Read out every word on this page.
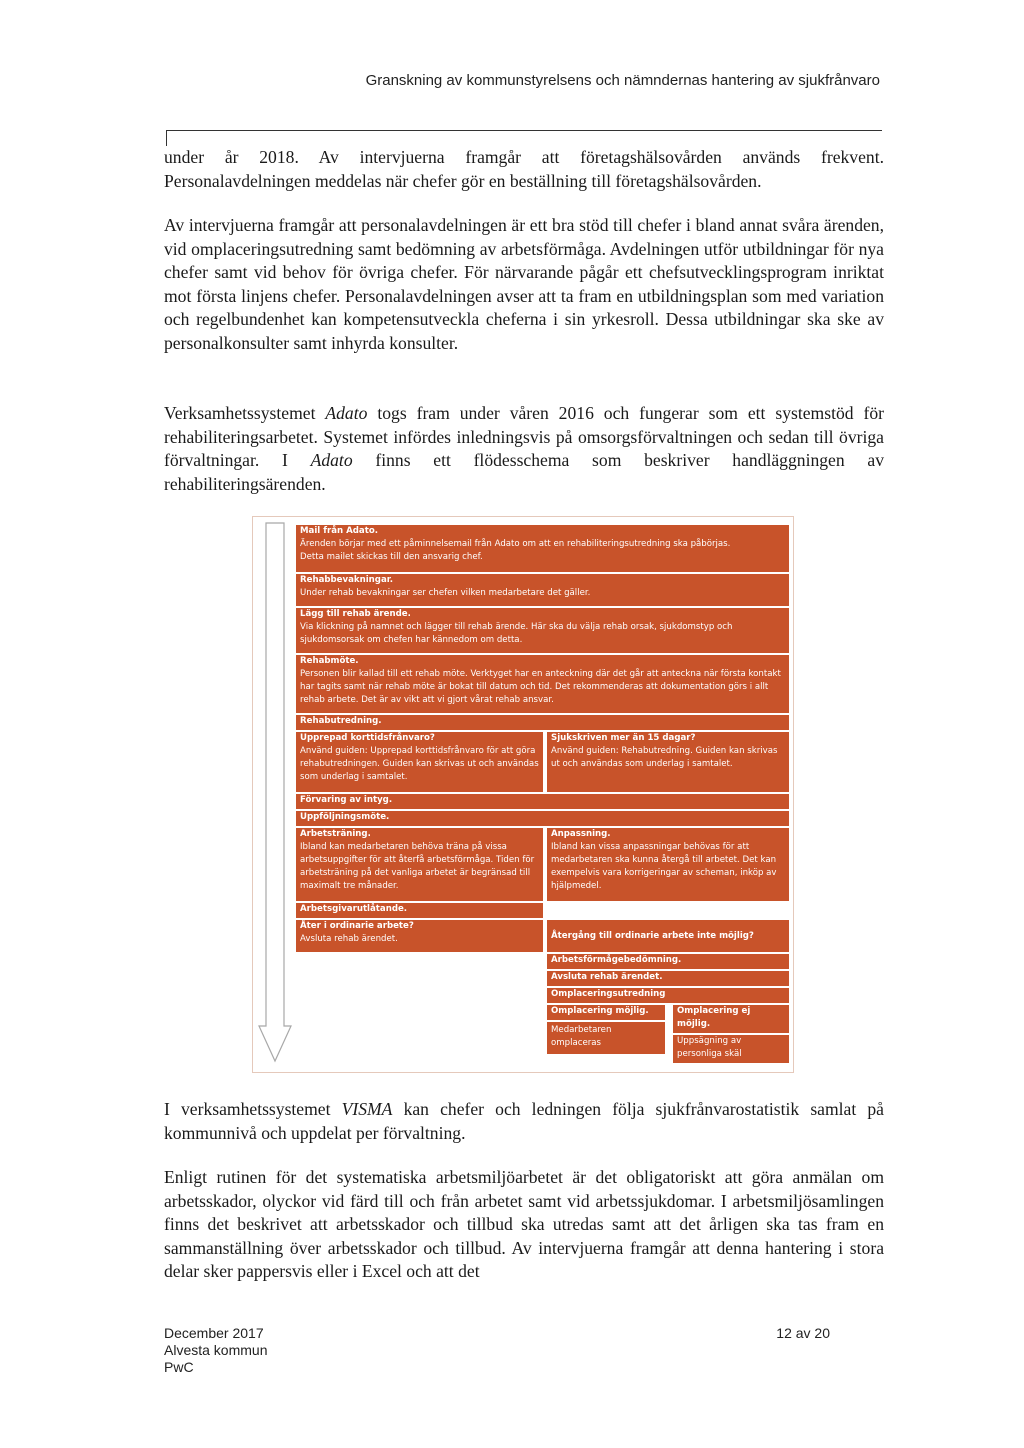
Granskning av kommunstyrelsens och nämndernas hantering av sjukfrånvaro
under år 2018. Av intervjuerna framgår att företagshälsovården används frekvent. Personalavdelningen meddelas när chefer gör en beställning till företagshälsovården.
Av intervjuerna framgår att personalavdelningen är ett bra stöd till chefer i bland annat svåra ärenden, vid omplaceringsutredning samt bedömning av arbetsförmåga. Avdelningen utför utbildningar för nya chefer samt vid behov för övriga chefer. För närvarande pågår ett chefsutvecklingsprogram inriktat mot första linjens chefer. Personalavdelningen avser att ta fram en utbildningsplan som med variation och regelbundenhet kan kompetensutveckla cheferna i sin yrkesroll. Dessa utbildningar ska ske av personalkonsulter samt inhyrda konsulter.
Verksamhetssystemet Adato togs fram under våren 2016 och fungerar som ett systemstöd för rehabiliteringsarbetet. Systemet infördes inledningsvis på omsorgsförvaltningen och sedan till övriga förvaltningar. I Adato finns ett flödesschema som beskriver handläggningen av rehabiliteringsärenden.
Mail från Adato.
Ärenden börjar med ett påminnelsemail från Adato om att en rehabiliteringsutredning ska påbörjas.
Detta mailet skickas till den ansvarig chef.
Rehabbevakningar.
Under rehab bevakningar ser chefen vilken medarbetare det gäller.
Lägg till rehab ärende.
Via klickning på namnet och lägger till rehab ärende. Här ska du välja rehab orsak, sjukdomstyp och sjukdomsorsak om chefen har kännedom om detta.
Rehabmöte.
Personen blir kallad till ett rehab möte. Verktyget har en anteckning där det går att anteckna när första kontakt har tagits samt när rehab möte är bokat till datum och tid. Det rekommenderas att dokumentation görs i allt rehab arbete. Det är av vikt att vi gjort vårat rehab ansvar.
Rehabutredning.
Upprepad korttidsfrånvaro?
Använd guiden: Upprepad korttidsfrånvaro för att göra rehabutredningen. Guiden kan skrivas ut och användas som underlag i samtalet.
Sjukskriven mer än 15 dagar?
Använd guiden: Rehabutredning. Guiden kan skrivas ut och användas som underlag i samtalet.
Förvaring av intyg.
Uppföljningsmöte.
Arbetsträning.
Ibland kan medarbetaren behöva träna på vissa arbetsuppgifter för att återfå arbetsförmåga. Tiden för arbetsträning på det vanliga arbetet är begränsad till maximalt tre månader.
Anpassning.
Ibland kan vissa anpassningar behövas för att medarbetaren ska kunna återgå till arbetet. Det kan exempelvis vara korrigeringar av scheman, inköp av hjälpmedel.
Arbetsgivarutlåtande.
Åter i ordinarie arbete?
Avsluta rehab ärendet.	Återgång till ordinarie arbete inte möjlig?
Arbetsförmågebedömning.
Avsluta rehab ärendet.
Omplaceringsutredning
Omplacering möjlig.	Omplacering ej möjlig.
Medarbetaren omplaceras	Uppsägning av personliga skäl
I verksamhetssystemet VISMA kan chefer och ledningen följa sjukfrånvarostatistik samlat på kommunnivå och uppdelat per förvaltning.
Enligt rutinen för det systematiska arbetsmiljöarbetet är det obligatoriskt att göra anmälan om arbetsskador, olyckor vid färd till och från arbetet samt vid arbetssjukdomar. I arbetsmiljösamlingen finns det beskrivet att arbetsskador och tillbud ska utredas samt att det årligen ska tas fram en sammanställning över arbetsskador och tillbud. Av intervjuerna framgår att denna hantering i stora delar sker pappersvis eller i Excel och att det
December 2017
Alvesta kommun
PwC
12 av 20
